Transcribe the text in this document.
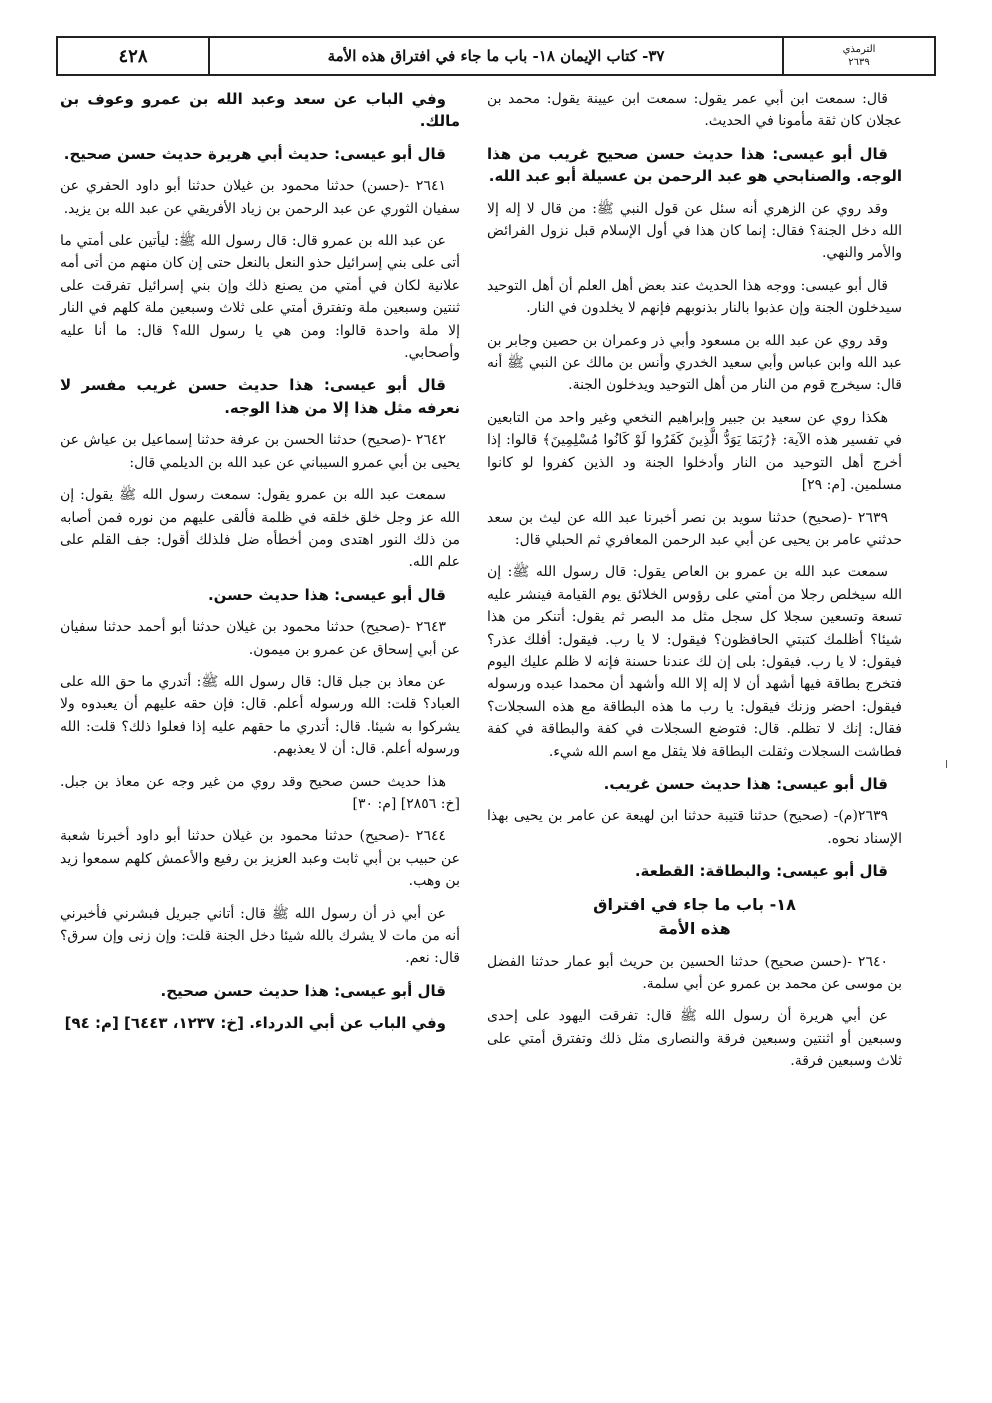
الترمذي
٢٦٣٩
٣٧- كتاب الإيمان ١٨- باب ما جاء في افتراق هذه الأمة
٤٢٨

قال: سمعت ابن أبي عمر يقول: سمعت ابن عيينة يقول: محمد بن عجلان كان ثقة مأمونا في الحديث.

قال أبو عيسى: هذا حديث حسن صحيح غريب من هذا الوجه. والصنابحي هو عبد الرحمن بن عسيلة أبو عبد الله.

وقد روي عن الزهري أنه سئل عن قول النبي ﷺ: من قال لا إله إلا الله دخل الجنة؟ فقال: إنما كان هذا في أول الإسلام قبل نزول الفرائض والأمر والنهي.

قال أبو عيسى: ووجه هذا الحديث عند بعض أهل العلم أن أهل التوحيد سيدخلون الجنة وإن عذبوا بالنار بذنوبهم فإنهم لا يخلدون في النار.

وقد روي عن عبد الله بن مسعود وأبي ذر وعمران بن حصين وجابر بن عبد الله وابن عباس وأبي سعيد الخدري وأنس بن مالك عن النبي ﷺ أنه قال: سيخرج قوم من النار من أهل التوحيد ويدخلون الجنة.

هكذا روي عن سعيد بن جبير وإبراهيم النخعي وغير واحد من التابعين في تفسير هذه الآية: ﴿رُبَمَا يَوَدُّ الَّذِينَ كَفَرُوا لَوْ كَانُوا مُسْلِمِينَ﴾ قالوا: إذا أخرج أهل التوحيد من النار وأدخلوا الجنة ود الذين كفروا لو كانوا مسلمين. [م: ٢٩]

٢٦٣٩ -(صحيح) حدثنا سويد بن نصر أخبرنا عبد الله عن ليث بن سعد حدثني عامر بن يحيى عن أبي عبد الرحمن المعافري ثم الحبلي قال:

سمعت عبد الله بن عمرو بن العاص يقول: قال رسول الله ﷺ: إن الله سيخلص رجلا من أمتي على رؤوس الخلائق يوم القيامة فينشر عليه تسعة وتسعين سجلا كل سجل مثل مد البصر ثم يقول: أتنكر من هذا شيئا؟ أظلمك كتبتي الحافظون؟ فيقول: لا يا رب. فيقول: أفلك عذر؟ فيقول: لا يا رب. فيقول: بلى إن لك عندنا حسنة فإنه لا ظلم عليك اليوم فتخرج بطاقة فيها أشهد أن لا إله إلا الله وأشهد أن محمدا عبده ورسوله فيقول: احضر وزنك فيقول: يا رب ما هذه البطاقة مع هذه السجلات؟ فقال: إنك لا تظلم. قال: فتوضع السجلات في كفة والبطاقة في كفة فطاشت السجلات وثقلت البطاقة فلا يثقل مع اسم الله شيء.

قال أبو عيسى: هذا حديث حسن غريب.

٢٦٣٩(م)- (صحيح) حدثنا قتيبة حدثنا ابن لهيعة عن عامر بن يحيى بهذا الإسناد نحوه.

قال أبو عيسى: والبطاقة: القطعة.

١٨- باب ما جاء في افتراق
هذه الأمة

٢٦٤٠ -(حسن صحيح) حدثنا الحسين بن حريث أبو عمار حدثنا الفضل بن موسى عن محمد بن عمرو عن أبي سلمة.

عن أبي هريرة أن رسول الله ﷺ قال: تفرقت اليهود على إحدى وسبعين أو اثنتين وسبعين فرقة والنصارى مثل ذلك وتفترق أمتي على ثلاث وسبعين فرقة.

وفي الباب عن سعد وعبد الله بن عمرو وعوف بن مالك.

قال أبو عيسى: حديث أبي هريرة حديث حسن صحيح.

٢٦٤١ -(حسن) حدثنا محمود بن غيلان حدثنا أبو داود الحفري عن سفيان الثوري عن عبد الرحمن بن زياد الأفريقي عن عبد الله بن يزيد.

عن عبد الله بن عمرو قال: قال رسول الله ﷺ: ليأتين على أمتي ما أتى على بني إسرائيل حذو النعل بالنعل حتى إن كان منهم من أتى أمه علانية لكان في أمتي من يصنع ذلك وإن بني إسرائيل تفرقت على ثنتين وسبعين ملة وتفترق أمتي على ثلاث وسبعين ملة كلهم في النار إلا ملة واحدة قالوا: ومن هي يا رسول الله؟ قال: ما أنا عليه وأصحابي.

قال أبو عيسى: هذا حديث حسن غريب مفسر لا نعرفه مثل هذا إلا من هذا الوجه.

٢٦٤٢ -(صحيح) حدثنا الحسن بن عرفة حدثنا إسماعيل بن عياش عن يحيى بن أبي عمرو السيباني عن عبد الله بن الديلمي قال:

سمعت عبد الله بن عمرو يقول: سمعت رسول الله ﷺ يقول: إن الله عز وجل خلق خلقه في ظلمة فألقى عليهم من نوره فمن أصابه من ذلك النور اهتدى ومن أخطأه ضل فلذلك أقول: جف القلم على علم الله.

قال أبو عيسى: هذا حديث حسن.

٢٦٤٣ -(صحيح) حدثنا محمود بن غيلان حدثنا أبو أحمد حدثنا سفيان عن أبي إسحاق عن عمرو بن ميمون.

عن معاذ بن جبل قال: قال رسول الله ﷺ: أتدري ما حق الله على العباد؟ قلت: الله ورسوله أعلم. قال: فإن حقه عليهم أن يعبدوه ولا يشركوا به شيئا. قال: أتدري ما حقهم عليه إذا فعلوا ذلك؟ قلت: الله ورسوله أعلم. قال: أن لا يعذبهم.

هذا حديث حسن صحيح وقد روي من غير وجه عن معاذ بن جبل. [خ: ٢٨٥٦] [م: ٣٠]

٢٦٤٤ -(صحيح) حدثنا محمود بن غيلان حدثنا أبو داود أخبرنا شعبة عن حبيب بن أبي ثابت وعبد العزيز بن رفيع والأعمش كلهم سمعوا زيد بن وهب.

عن أبي ذر أن رسول الله ﷺ قال: أتاني جبريل فبشرني فأخبرني أنه من مات لا يشرك بالله شيئا دخل الجنة قلت: وإن زنى وإن سرق؟ قال: نعم.

قال أبو عيسى: هذا حديث حسن صحيح.

وفي الباب عن أبي الدرداء. [خ: ١٢٣٧، ٦٤٤٣] [م: ٩٤]
